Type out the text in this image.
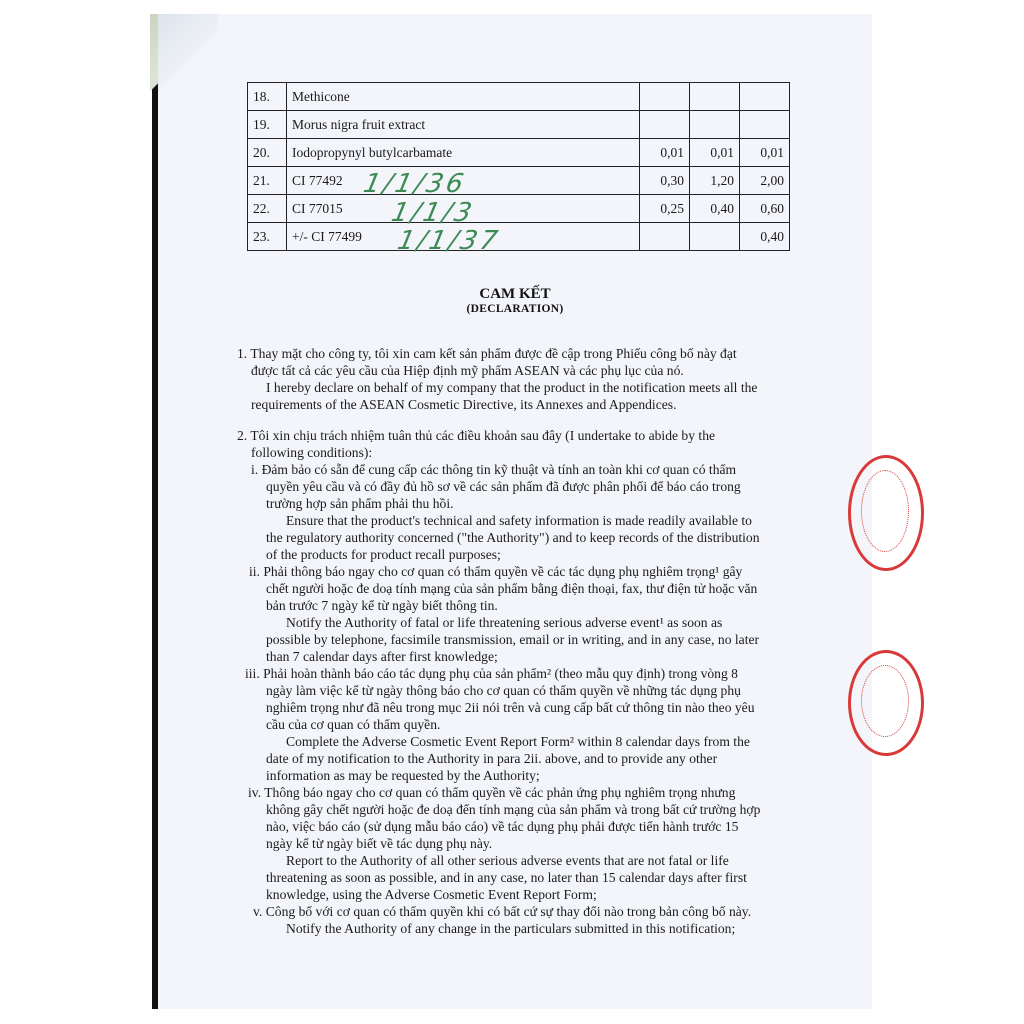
18.	Methicone			
19.	Morus nigra fruit extract			
20.	Iodopropynyl butylcarbamate	0,01	0,01	0,01
21.	CI 77492	0,30	1,20	2,00
22.	CI 77015	0,25	0,40	0,60
23.	+/- CI 77499			0,40
1/1/36
1/1/3
1/1/37
CAM KẾT
(DECLARATION)
1. Thay mặt cho công ty, tôi xin cam kết sản phẩm được đề cập trong Phiếu công bố này đạt
được tất cả các yêu cầu của Hiệp định mỹ phẩm ASEAN và các phụ lục của nó.
I hereby declare on behalf of my company that the product in the notification meets all the
requirements of the ASEAN Cosmetic Directive, its Annexes and Appendices.
2. Tôi xin chịu trách nhiệm tuân thủ các điều khoản sau đây (I undertake to abide by the
following conditions):
i. Đảm bảo có sẵn để cung cấp các thông tin kỹ thuật và tính an toàn khi cơ quan có thẩm
quyền yêu cầu và có đầy đủ hồ sơ về các sản phẩm đã được phân phối để báo cáo trong
trường hợp sản phẩm phải thu hồi.
Ensure that the product's technical and safety information is made readily available to
the regulatory authority concerned ("the Authority") and to keep records of the distribution
of the products for product recall purposes;
ii. Phải thông báo ngay cho cơ quan có thẩm quyền về các tác dụng phụ nghiêm trọng¹ gây
chết người hoặc đe doạ tính mạng của sản phẩm bằng điện thoại, fax, thư điện tử hoặc văn
bản trước 7 ngày kể từ ngày biết thông tin.
Notify the Authority of fatal or life threatening serious adverse event¹ as soon as
possible by telephone, facsimile transmission, email or in writing, and in any case, no later
than 7 calendar days after first knowledge;
iii. Phải hoàn thành báo cáo tác dụng phụ của sản phẩm² (theo mẫu quy định) trong vòng 8
ngày làm việc kể từ ngày thông báo cho cơ quan có thẩm quyền về những tác dụng phụ
nghiêm trọng như đã nêu trong mục 2ii nói trên và cung cấp bất cứ thông tin nào theo yêu
cầu của cơ quan có thẩm quyền.
Complete the Adverse Cosmetic Event Report Form² within 8 calendar days from the
date of my notification to the Authority in para 2ii. above, and to provide any other
information as may be requested by the Authority;
iv. Thông báo ngay cho cơ quan có thẩm quyền về các phản ứng phụ nghiêm trọng nhưng
không gây chết người hoặc đe doạ đến tính mạng của sản phẩm và trong bất cứ trường hợp
nào, việc báo cáo (sử dụng mẫu báo cáo) về tác dụng phụ phải được tiến hành trước 15
ngày kể từ ngày biết về tác dụng phụ này.
Report to the Authority of all other serious adverse events that are not fatal or life
threatening as soon as possible, and in any case, no later than 15 calendar days after first
knowledge, using the Adverse Cosmetic Event Report Form;
v. Công bố với cơ quan có thẩm quyền khi có bất cứ sự thay đổi nào trong bản công bố này.
Notify the Authority of any change in the particulars submitted in this notification;
